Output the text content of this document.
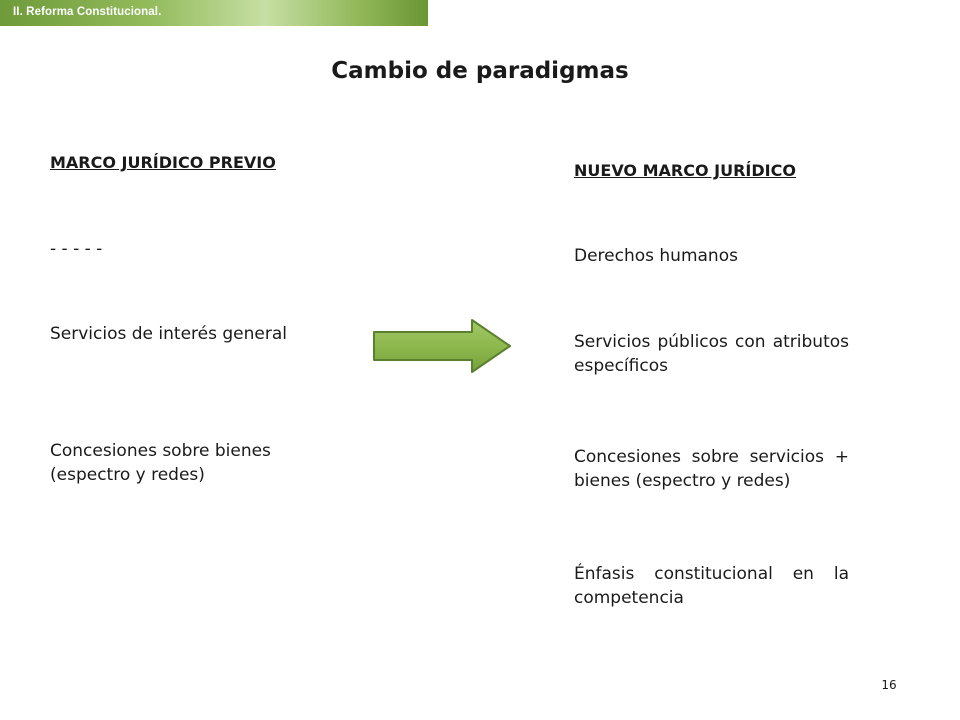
II. Reforma Constitucional.
Cambio de paradigmas
MARCO JURÍDICO PREVIO
- - - - -
Servicios de interés general
Concesiones sobre bienes (espectro y redes)
NUEVO MARCO JURÍDICO
Derechos humanos
Servicios públicos con atributos específicos
Concesiones sobre servicios + bienes (espectro y redes)
Énfasis constitucional en la competencia
16
